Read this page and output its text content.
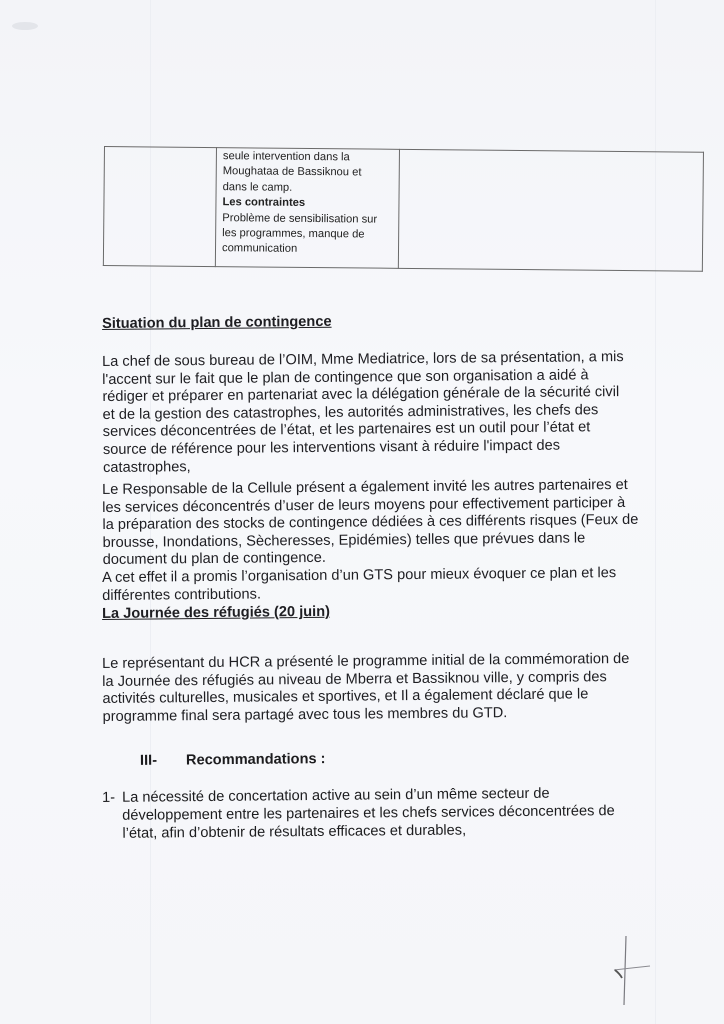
seule intervention dans la
Moughataa de Bassiknou et
dans le camp.
Les contraintes
Problème de sensibilisation sur
les programmes, manque de
communication

Situation du plan de contingence
La chef de sous bureau de l’OIM, Mme Mediatrice, lors de sa présentation, a mis
l'accent sur le fait que le plan de contingence que son organisation a aidé à
rédiger et préparer en partenariat avec la délégation générale de la sécurité civil
et de la gestion des catastrophes, les autorités administratives, les chefs des
services déconcentrées de l’état, et les partenaires est un outil pour l’état et
source de référence pour les interventions visant à réduire l'impact des
catastrophes,
Le Responsable de la Cellule présent a également invité les autres partenaires et
les services déconcentrés d’user de leurs moyens pour effectivement participer à
la préparation des stocks de contingence dédiées à ces différents risques (Feux de
brousse, Inondations, Sècheresses, Epidémies) telles que prévues dans le
document du plan de contingence.
A cet effet il a promis l’organisation d’un GTS pour mieux évoquer ce plan et les
différentes contributions.
La Journée des réfugiés (20 juin)
Le représentant du HCR a présenté le programme initial de la commémoration de
la Journée des réfugiés au niveau de Mberra et Bassiknou ville, y compris des
activités culturelles, musicales et sportives, et Il a également déclaré que le
programme final sera partagé avec tous les membres du GTD.
III- Recommandations :
1- La nécessité de concertation active au sein d’un même secteur de
développement entre les partenaires et les chefs services déconcentrées de
l’état, afin d’obtenir de résultats efficaces et durables,
